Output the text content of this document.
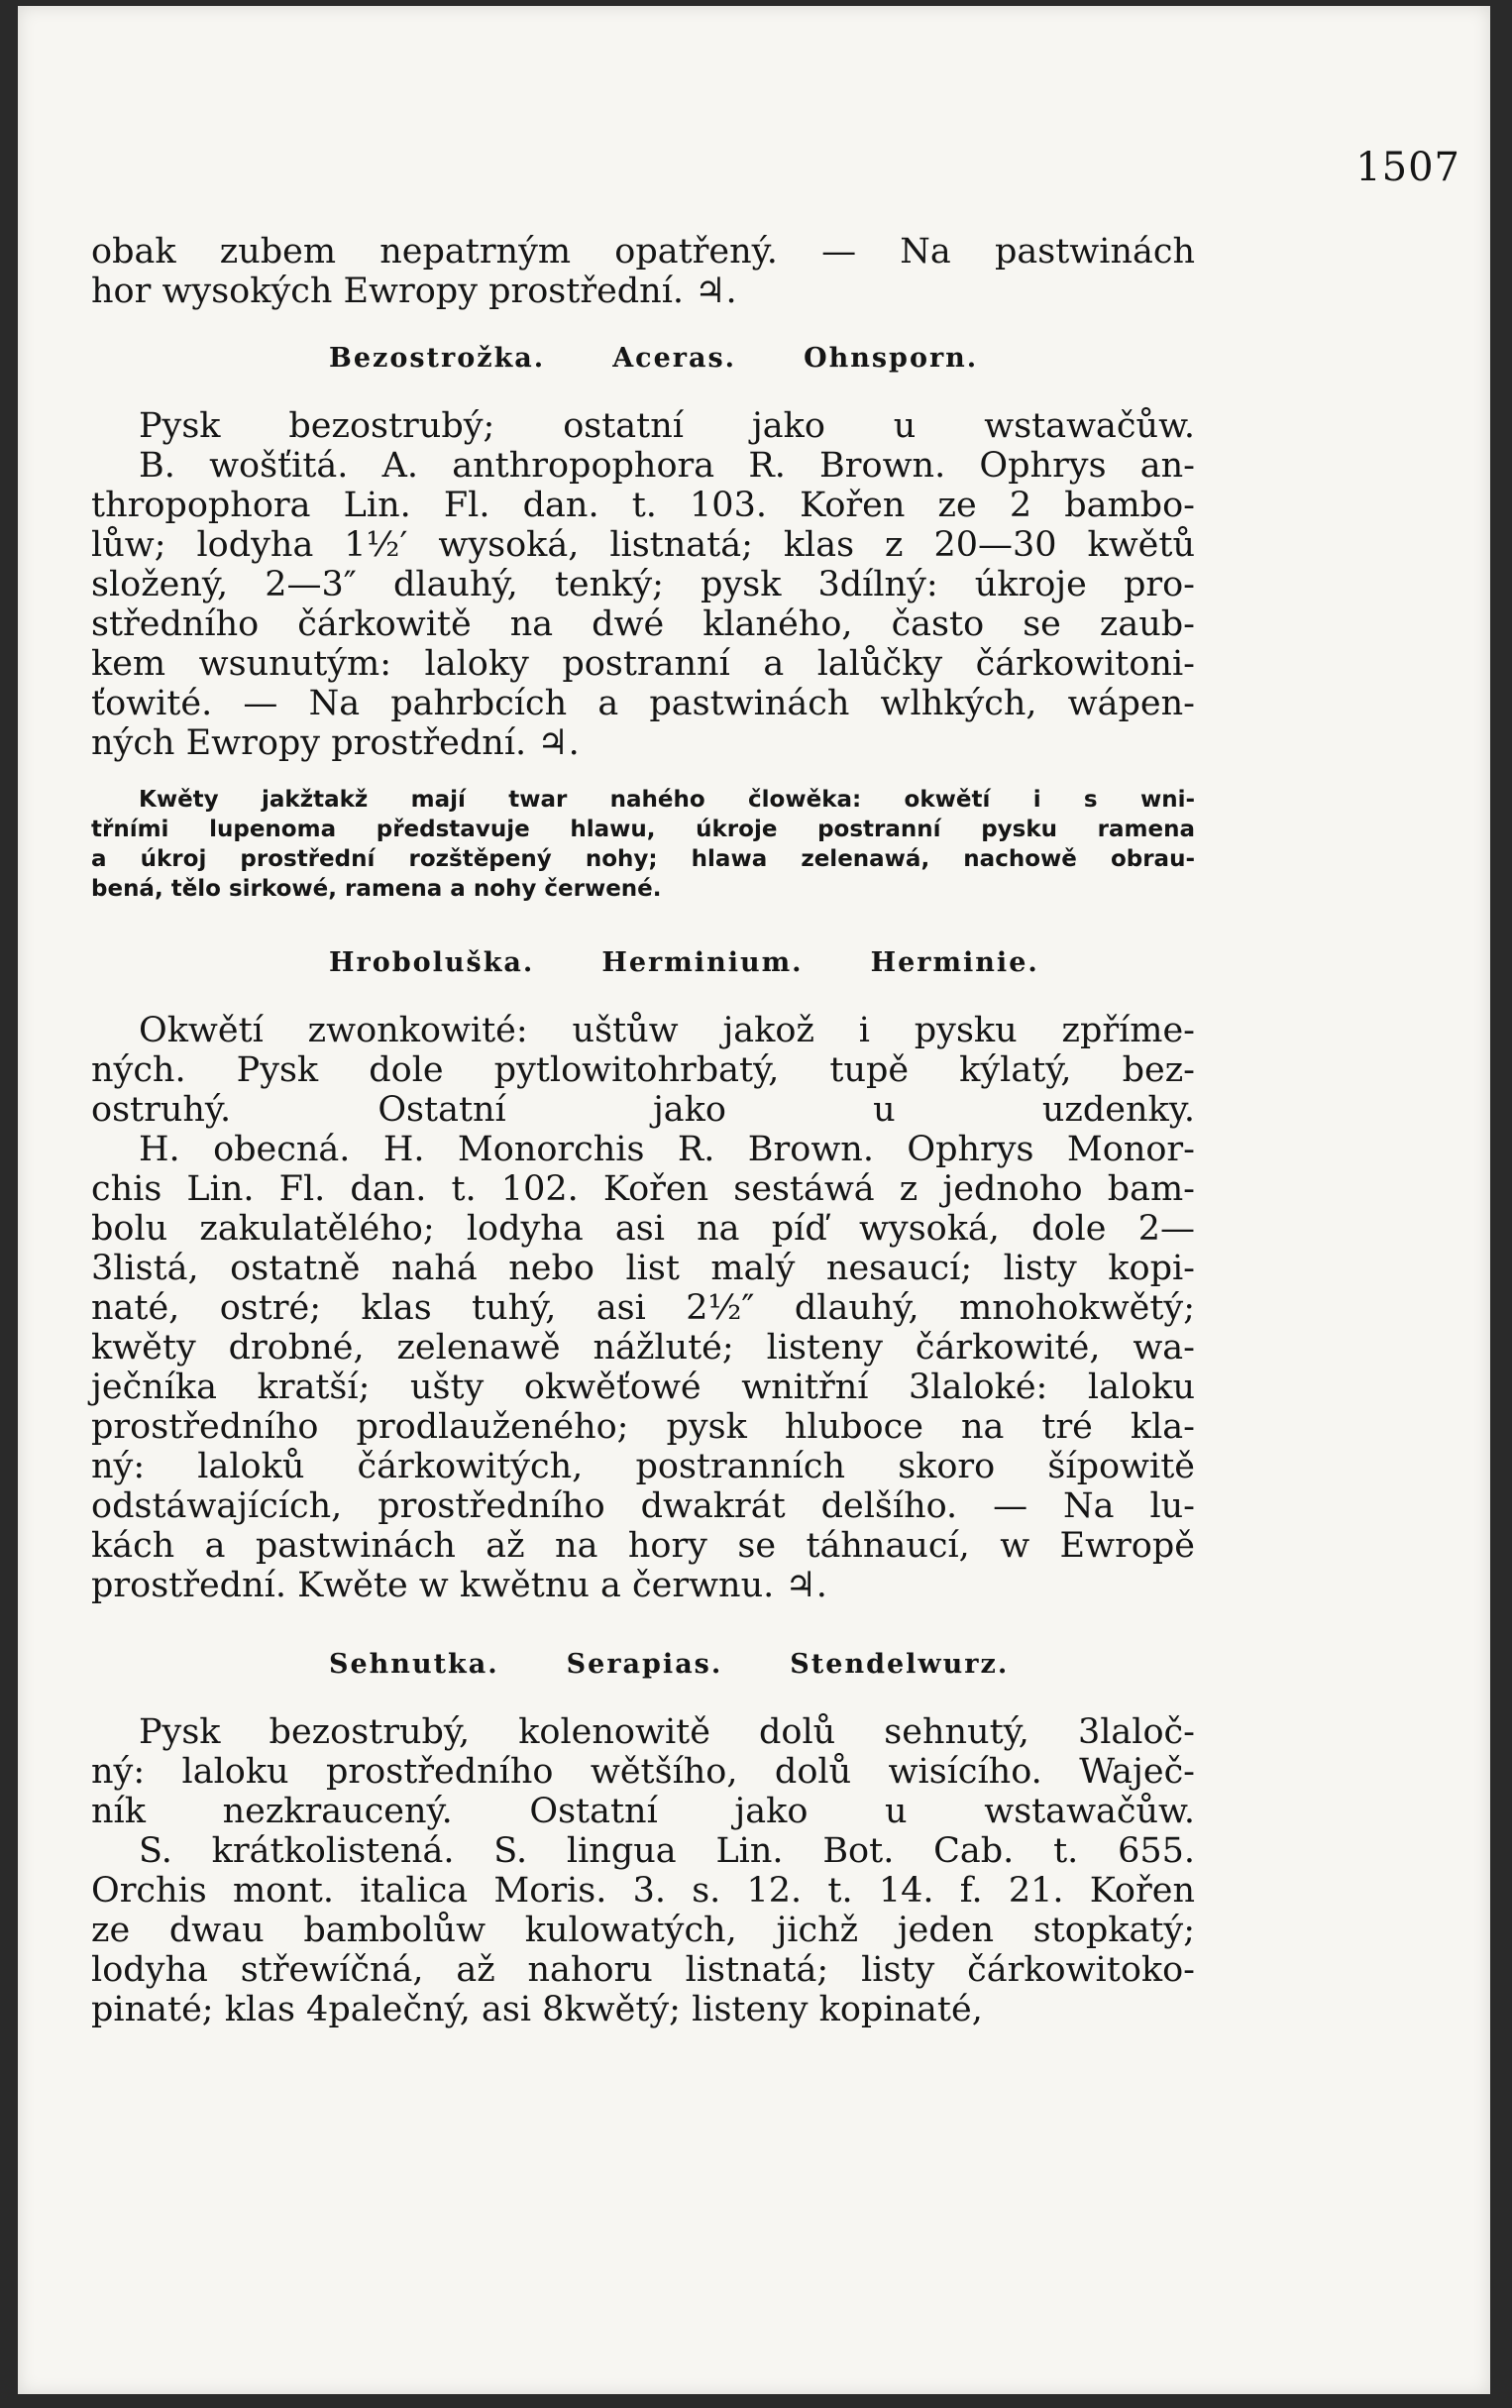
1507
obak zubem nepatrným opatřený. — Na pastwinách
hor wysokých Ewropy prostřední. ♃.
Bezostrožka.	Aceras.	Ohnsporn.
Pysk bezostrubý; ostatní jako u wstawačůw.
B. wošťitá. A. anthropophora R. Brown. Ophrys an-
thropophora Lin. Fl. dan. t. 103. Kořen ze 2 bambo-
lůw; lodyha 1½′ wysoká, listnatá; klas z 20—30 kwětů
složený, 2—3″ dlauhý, tenký; pysk 3dílný: úkroje pro-
středního čárkowitě na dwé klaného, často se zaub-
kem wsunutým: laloky postranní a lalůčky čárkowitoni-
ťowité. — Na pahrbcích a pastwinách wlhkých, wápen-
ných Ewropy prostřední. ♃.
Kwěty jakžtakž mají twar nahého člowěka: okwětí i s wni-
třními lupenoma představuje hlawu, úkroje postranní pysku ramena
a úkroj prostřední rozštěpený nohy; hlawa zelenawá, nachowě obrau-
bená, tělo sirkowé, ramena a nohy čerwené.
Hroboluška.	Herminium.	Herminie.
Okwětí zwonkowité: uštůw jakož i pysku zpříme-
ných. Pysk dole pytlowitohrbatý, tupě kýlatý, bez-
ostruhý. Ostatní jako u uzdenky.
H. obecná. H. Monorchis R. Brown. Ophrys Monor-
chis Lin. Fl. dan. t. 102. Kořen sestáwá z jednoho bam-
bolu zakulatělého; lodyha asi na píď wysoká, dole 2—
3listá, ostatně nahá nebo list malý nesaucí; listy kopi-
naté, ostré; klas tuhý, asi 2½″ dlauhý, mnohokwětý;
kwěty drobné, zelenawě nážluté; listeny čárkowité, wa-
ječníka kratší; ušty okwěťowé wnitřní 3laloké: laloku
prostředního prodlauženého; pysk hluboce na tré kla-
ný: laloků čárkowitých, postranních skoro šípowitě
odstáwajících, prostředního dwakrát delšího. — Na lu-
kách a pastwinách až na hory se táhnaucí, w Ewropě
prostřední. Kwěte w kwětnu a čerwnu. ♃.
Sehnutka.	Serapias.	Stendelwurz.
Pysk bezostrubý, kolenowitě dolů sehnutý, 3laloč-
ný: laloku prostředního wětšího, dolů wisícího. Waječ-
ník nezkraucený. Ostatní jako u wstawačůw.
S. krátkolistená. S. lingua Lin. Bot. Cab. t. 655.
Orchis mont. italica Moris. 3. s. 12. t. 14. f. 21. Kořen
ze dwau bambolůw kulowatých, jichž jeden stopkatý;
lodyha střewíčná, až nahoru listnatá; listy čárkowitoko-
pinaté; klas 4palečný, asi 8kwětý; listeny kopinaté,
